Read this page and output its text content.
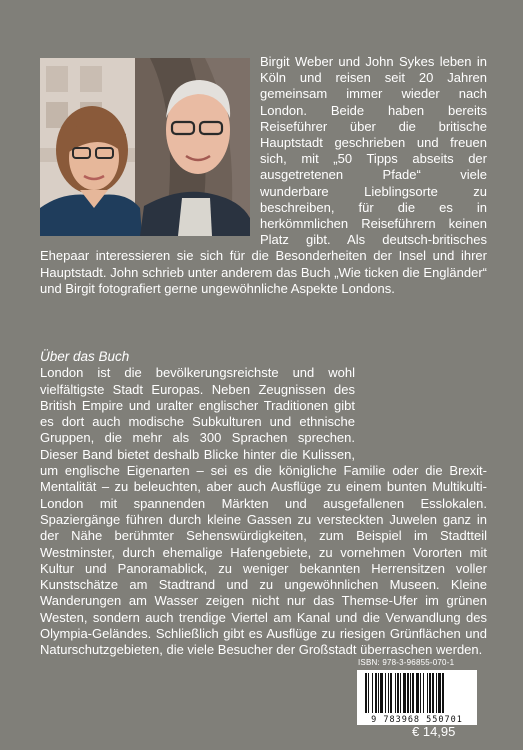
Birgit Weber und John Sykes leben in Köln und reisen seit 20 Jahren gemeinsam immer wieder nach London. Beide haben bereits Reiseführer über die britische Hauptstadt geschrieben und freuen sich, mit „50 Tipps abseits der ausgetretenen Pfade“ viele wunderbare Lieblingsorte zu beschreiben, für die es in herkömmlichen Reiseführern keinen Platz gibt. Als deutsch-britisches Ehepaar interessieren sie sich für die Besonderheiten der Insel und ihrer Hauptstadt. John schrieb unter anderem das Buch „Wie ticken die Engländer“ und Birgit fotografiert gerne ungewöhnliche Aspekte Londons.
Über das Buch

London ist die bevölkerungsreichste und wohl vielfältigste Stadt Europas. Neben Zeugnissen des British Empire und uralter englischer Traditionen gibt es dort auch modische Subkulturen und ethnische Gruppen, die mehr als 300 Sprachen sprechen. Dieser Band bietet deshalb Blicke hinter die Kulissen, um englische Eigenarten – sei es die königliche Familie oder die Brexit-Mentalität – zu beleuchten, aber auch Ausflüge zu einem bunten Multikulti-London mit spannenden Märkten und ausgefallenen Esslokalen. Spaziergänge führen durch kleine Gassen zu versteckten Juwelen ganz in der Nähe berühmter Sehenswürdigkeiten, zum Beispiel im Stadtteil Westminster, durch ehemalige Hafengebiete, zu vornehmen Vororten mit Kultur und Panoramablick, zu weniger bekannten Herrensitzen voller Kunstschätze am Stadtrand und zu ungewöhnlichen Museen. Kleine Wanderungen am Wasser zeigen nicht nur das Themse-Ufer im grünen Westen, sondern auch trendige Viertel am Kanal und die Verwandlung des Olympia-Geländes. Schließlich gibt es Ausflüge zu riesigen Grünflächen und Naturschutzgebieten, die viele Besucher der Großstadt überraschen werden.

ISBN: 978-3-96855-070-1
9 783968 550701
€ 14,95
